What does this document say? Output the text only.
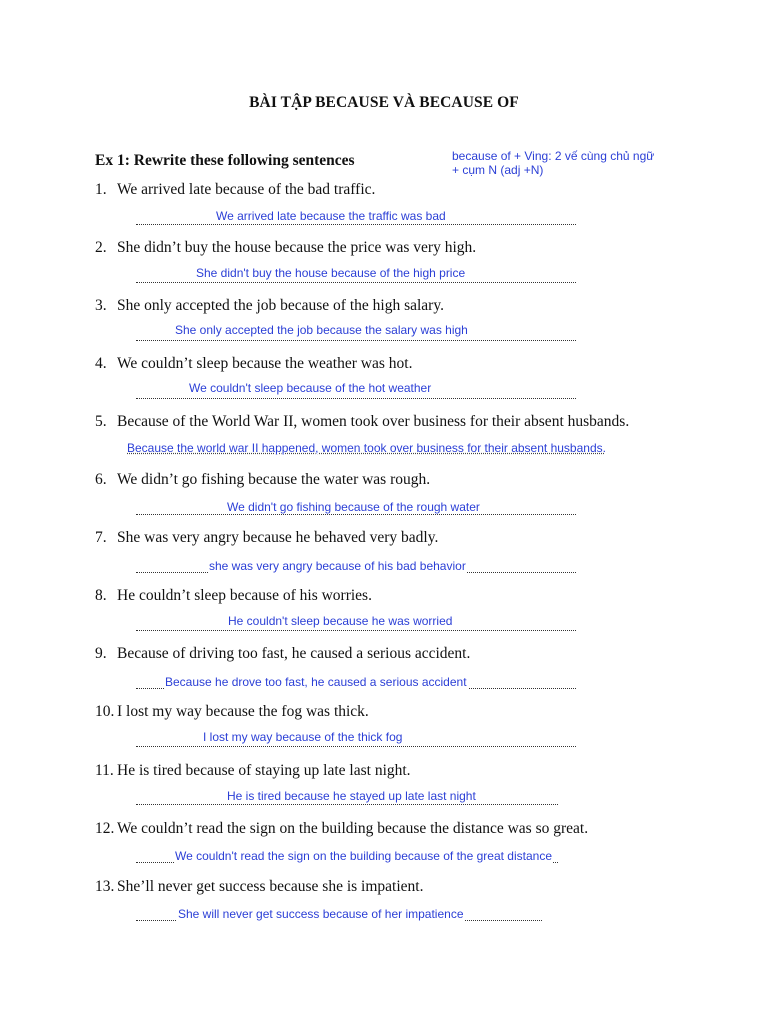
BÀI TẬP BECAUSE VÀ BECAUSE OF
Ex 1: Rewrite these following sentences	because of + Ving: 2 vế cùng chủ ngữ
+ cụm N (adj +N)
1. We arrived late because of the bad traffic.
We arrived late because the traffic was bad
2. She didn’t buy the house because the price was very high.
She didn't buy the house because of the high price
3. She only accepted the job because of the high salary.
She only accepted the job because the salary was high
4. We couldn’t sleep because the weather was hot.
We couldn't sleep because of the hot weather
5. Because of the World War II, women took over business for their absent husbands.
Because the world war II happened, women took over business for their absent husbands.
6. We didn’t go fishing because the water was rough.
We didn't go fishing because of the rough water
7. She was very angry because he behaved very badly.
she was very angry because of his bad behavior
8. He couldn’t sleep because of his worries.
He couldn't sleep because he was worried
9. Because of driving too fast, he caused a serious accident.
Because he drove too fast, he caused a serious accident
10. I lost my way because the fog was thick.
I lost my way because of the thick fog
11. He is tired because of staying up late last night.
He is tired because he stayed up late last night
12. We couldn’t read the sign on the building because the distance was so great.
We couldn't read the sign on the building because of the great distance
13. She’ll never get success because she is impatient.
She will never get success because of her impatience
